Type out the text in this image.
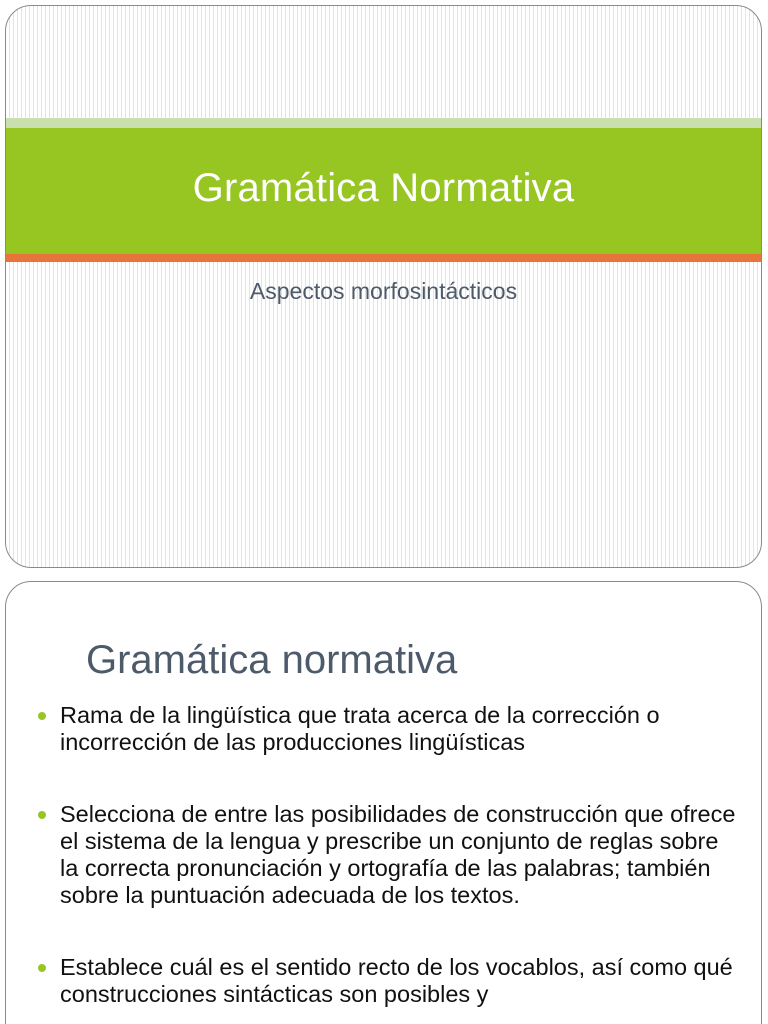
Gramática Normativa
Aspectos morfosintácticos
Gramática normativa
Rama de la lingüística que trata acerca de la corrección o incorrección de las producciones lingüísticas
Selecciona de entre las posibilidades de construcción que ofrece el sistema de la lengua y prescribe un conjunto de reglas sobre la correcta pronunciación y ortografía de las palabras; también sobre la puntuación adecuada de los textos.
Establece cuál es el sentido recto de los vocablos, así como qué construcciones sintácticas son posibles y
